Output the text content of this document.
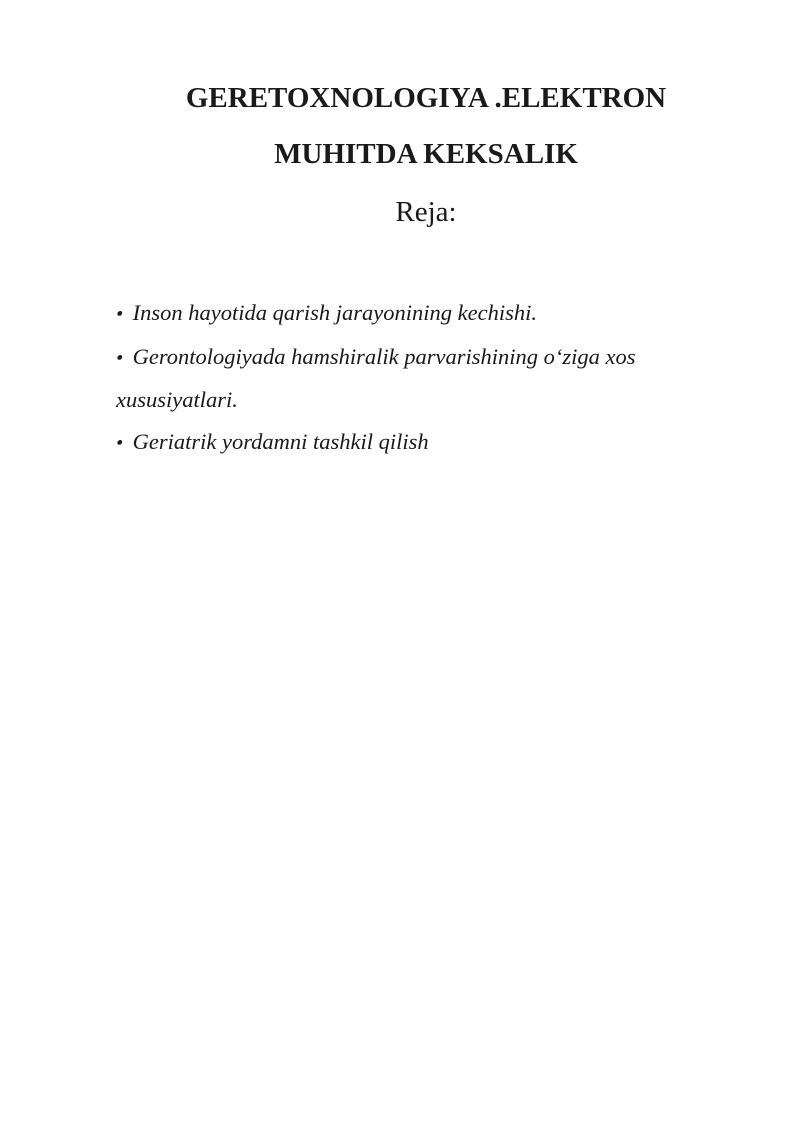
GERETOXNOLOGIYA .ELEKTRON
MUHITDA KEKSALIK

Reja:

• Inson hayotida qarish jarayonining kechishi.
• Gerontologiyada hamshiralik parvarishining o‘ziga xos xususiyatlari.
• Geriatrik yordamni tashkil qilish
